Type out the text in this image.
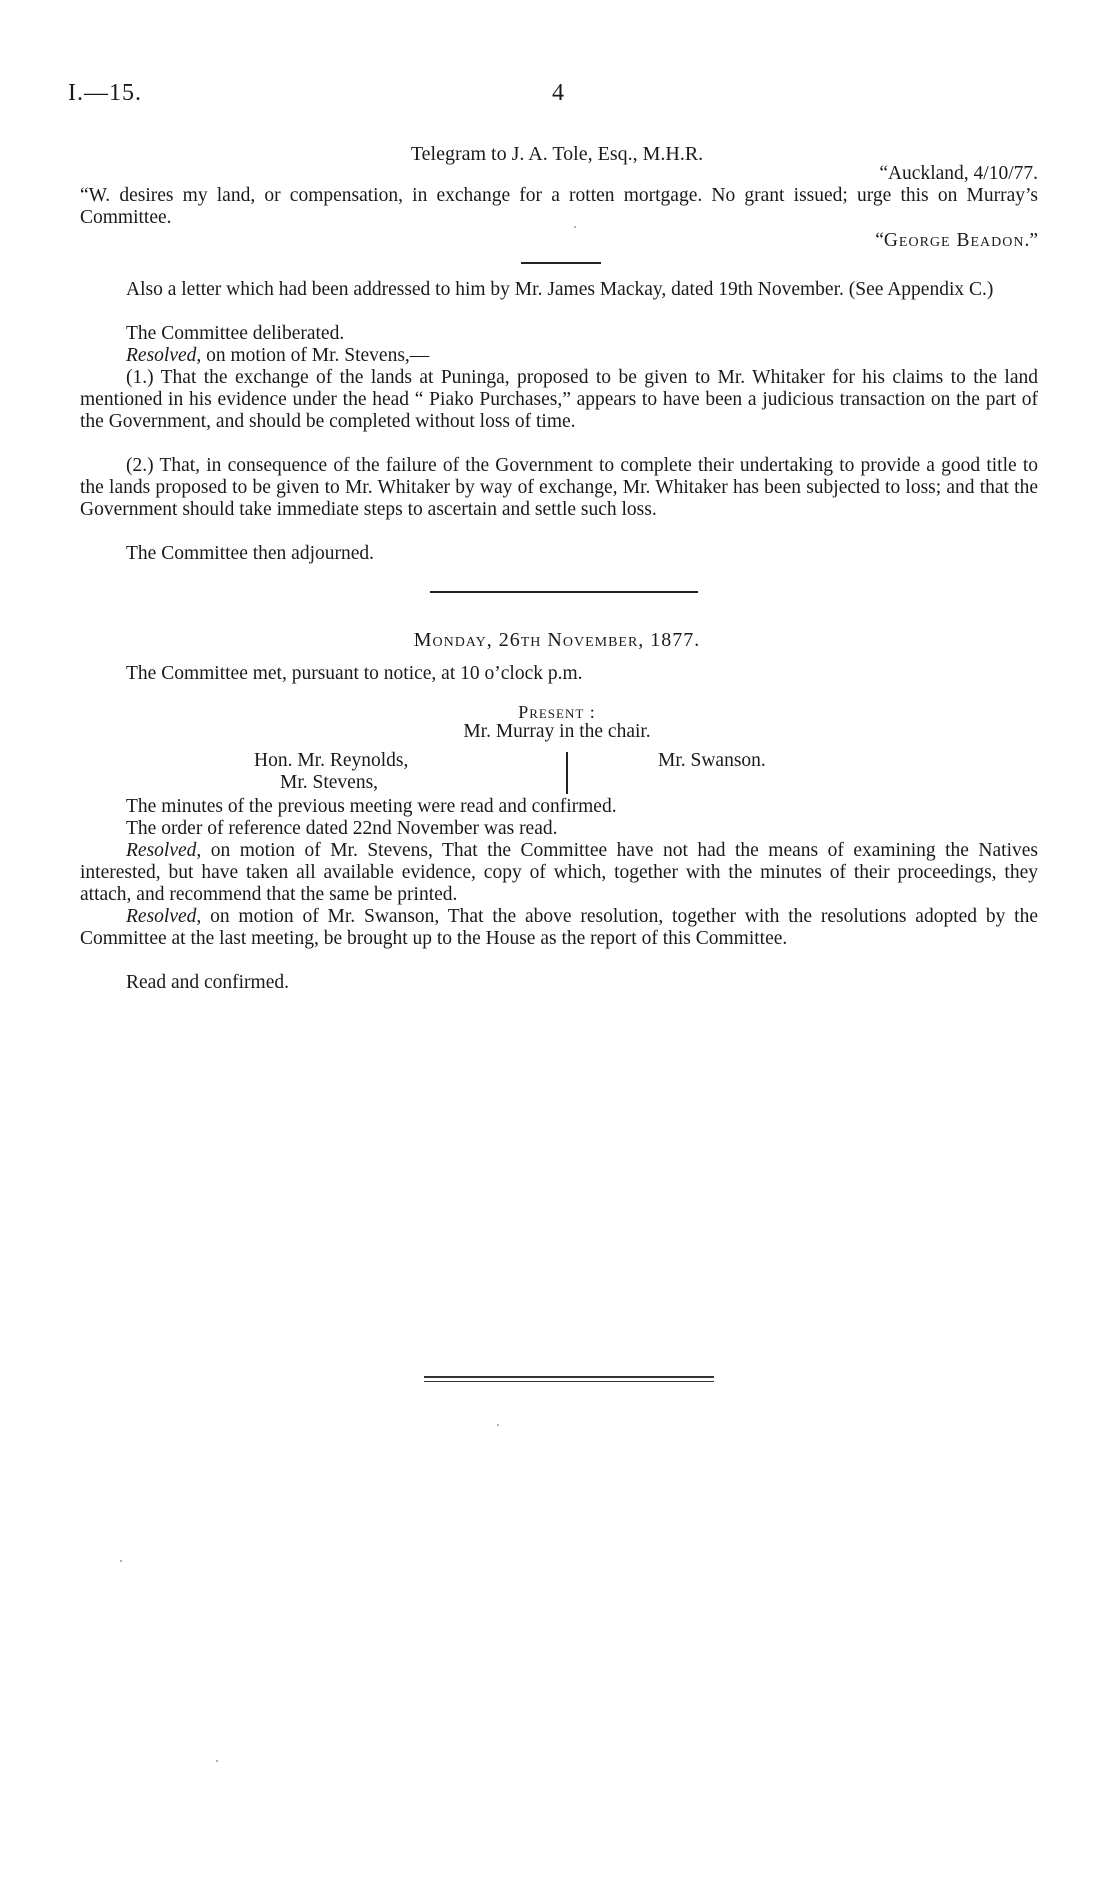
I.—15.	4
Telegram to J. A. Tole, Esq., M.H.R.
“Auckland, 4/10/77.
“W. desires my land, or compensation, in exchange for a rotten mortgage. No grant issued; urge this on Murray’s Committee.
“George Beadon.”
Also a letter which had been addressed to him by Mr. James Mackay, dated 19th November. (See Appendix C.)
The Committee deliberated.
Resolved, on motion of Mr. Stevens,—
(1.) That the exchange of the lands at Puninga, proposed to be given to Mr. Whitaker for his claims to the land mentioned in his evidence under the head “ Piako Purchases,” appears to have been a judicious transaction on the part of the Government, and should be completed without loss of time.
(2.) That, in consequence of the failure of the Government to complete their undertaking to provide a good title to the lands proposed to be given to Mr. Whitaker by way of exchange, Mr. Whitaker has been subjected to loss; and that the Government should take immediate steps to ascertain and settle such loss.
The Committee then adjourned.
Monday, 26th November, 1877.
The Committee met, pursuant to notice, at 10 o’clock p.m.
Present :
Mr. Murray in the chair.
Hon. Mr. Reynolds,
Mr. Stevens,
Mr. Swanson.
The minutes of the previous meeting were read and confirmed.
The order of reference dated 22nd November was read.
Resolved, on motion of Mr. Stevens, That the Committee have not had the means of examining the Natives interested, but have taken all available evidence, copy of which, together with the minutes of their proceedings, they attach, and recommend that the same be printed.
Resolved, on motion of Mr. Swanson, That the above resolution, together with the resolutions adopted by the Committee at the last meeting, be brought up to the House as the report of this Committee.
Read and confirmed.
